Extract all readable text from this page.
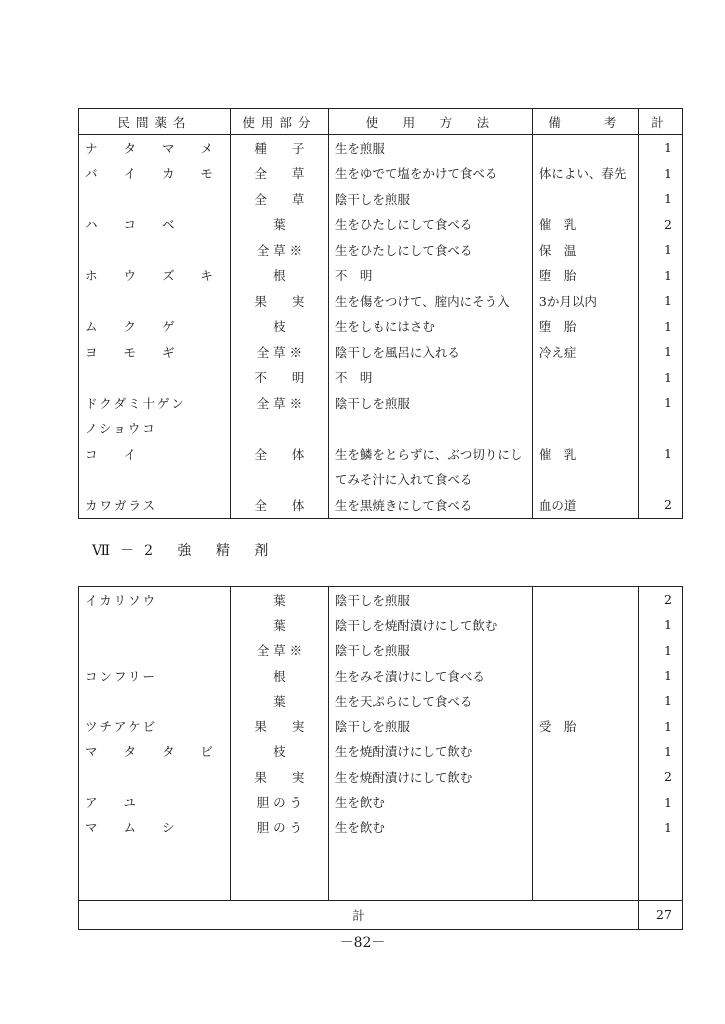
民間薬名	使用部分	使　用　方　法	備　　考	計
ナ タ マ メ	種　　子	生を煎服		1
バ イ カ モ	全　　草	生をゆでて塩をかけて食べる	体によい、春先	1
	全　　草	陰干しを煎服		1
ハ コ ベ	葉	生をひたしにして食べる	催　乳	2
	全 草 ※	生をひたしにして食べる	保　温	1
ホ ウ ズ キ	根	不　明	堕　胎	1
	果　　実	生を傷をつけて、腟内にそう入	3か月以内	1
ム ク ゲ	枝	生をしもにはさむ	堕　胎	1
ヨ モ ギ	全 草 ※	陰干しを風呂に入れる	冷え症	1
	不　　明	不　明		1
ドクダミ十ゲン	全 草 ※	陰干しを煎服		1
ノショウコ				
コ イ	全　　体	生を鱗をとらずに、ぶつ切りにし	催　乳	1
		てみそ汁に入れて食べる		
カワガラス	全　　体	生を黒焼きにして食べる	血の道	2
Ⅶ－2 強 精 剤
イカリソウ	葉	陰干しを煎服		2
	葉	陰干しを焼酎漬けにして飲む		1
	全 草 ※	陰干しを煎服		1
コンフリー	根	生をみそ漬けにして食べる		1
	葉	生を天ぷらにして食べる		1
ツチアケビ	果　　実	陰干しを煎服	受　胎	1
マ タ タ ビ	枝	生を焼酎漬けにして飲む		1
	果　　実	生を焼酎漬けにして飲む		2
ア ユ	胆 の う	生を飲む		1
マ ム シ	胆 の う	生を飲む		1

計				27
－82－
